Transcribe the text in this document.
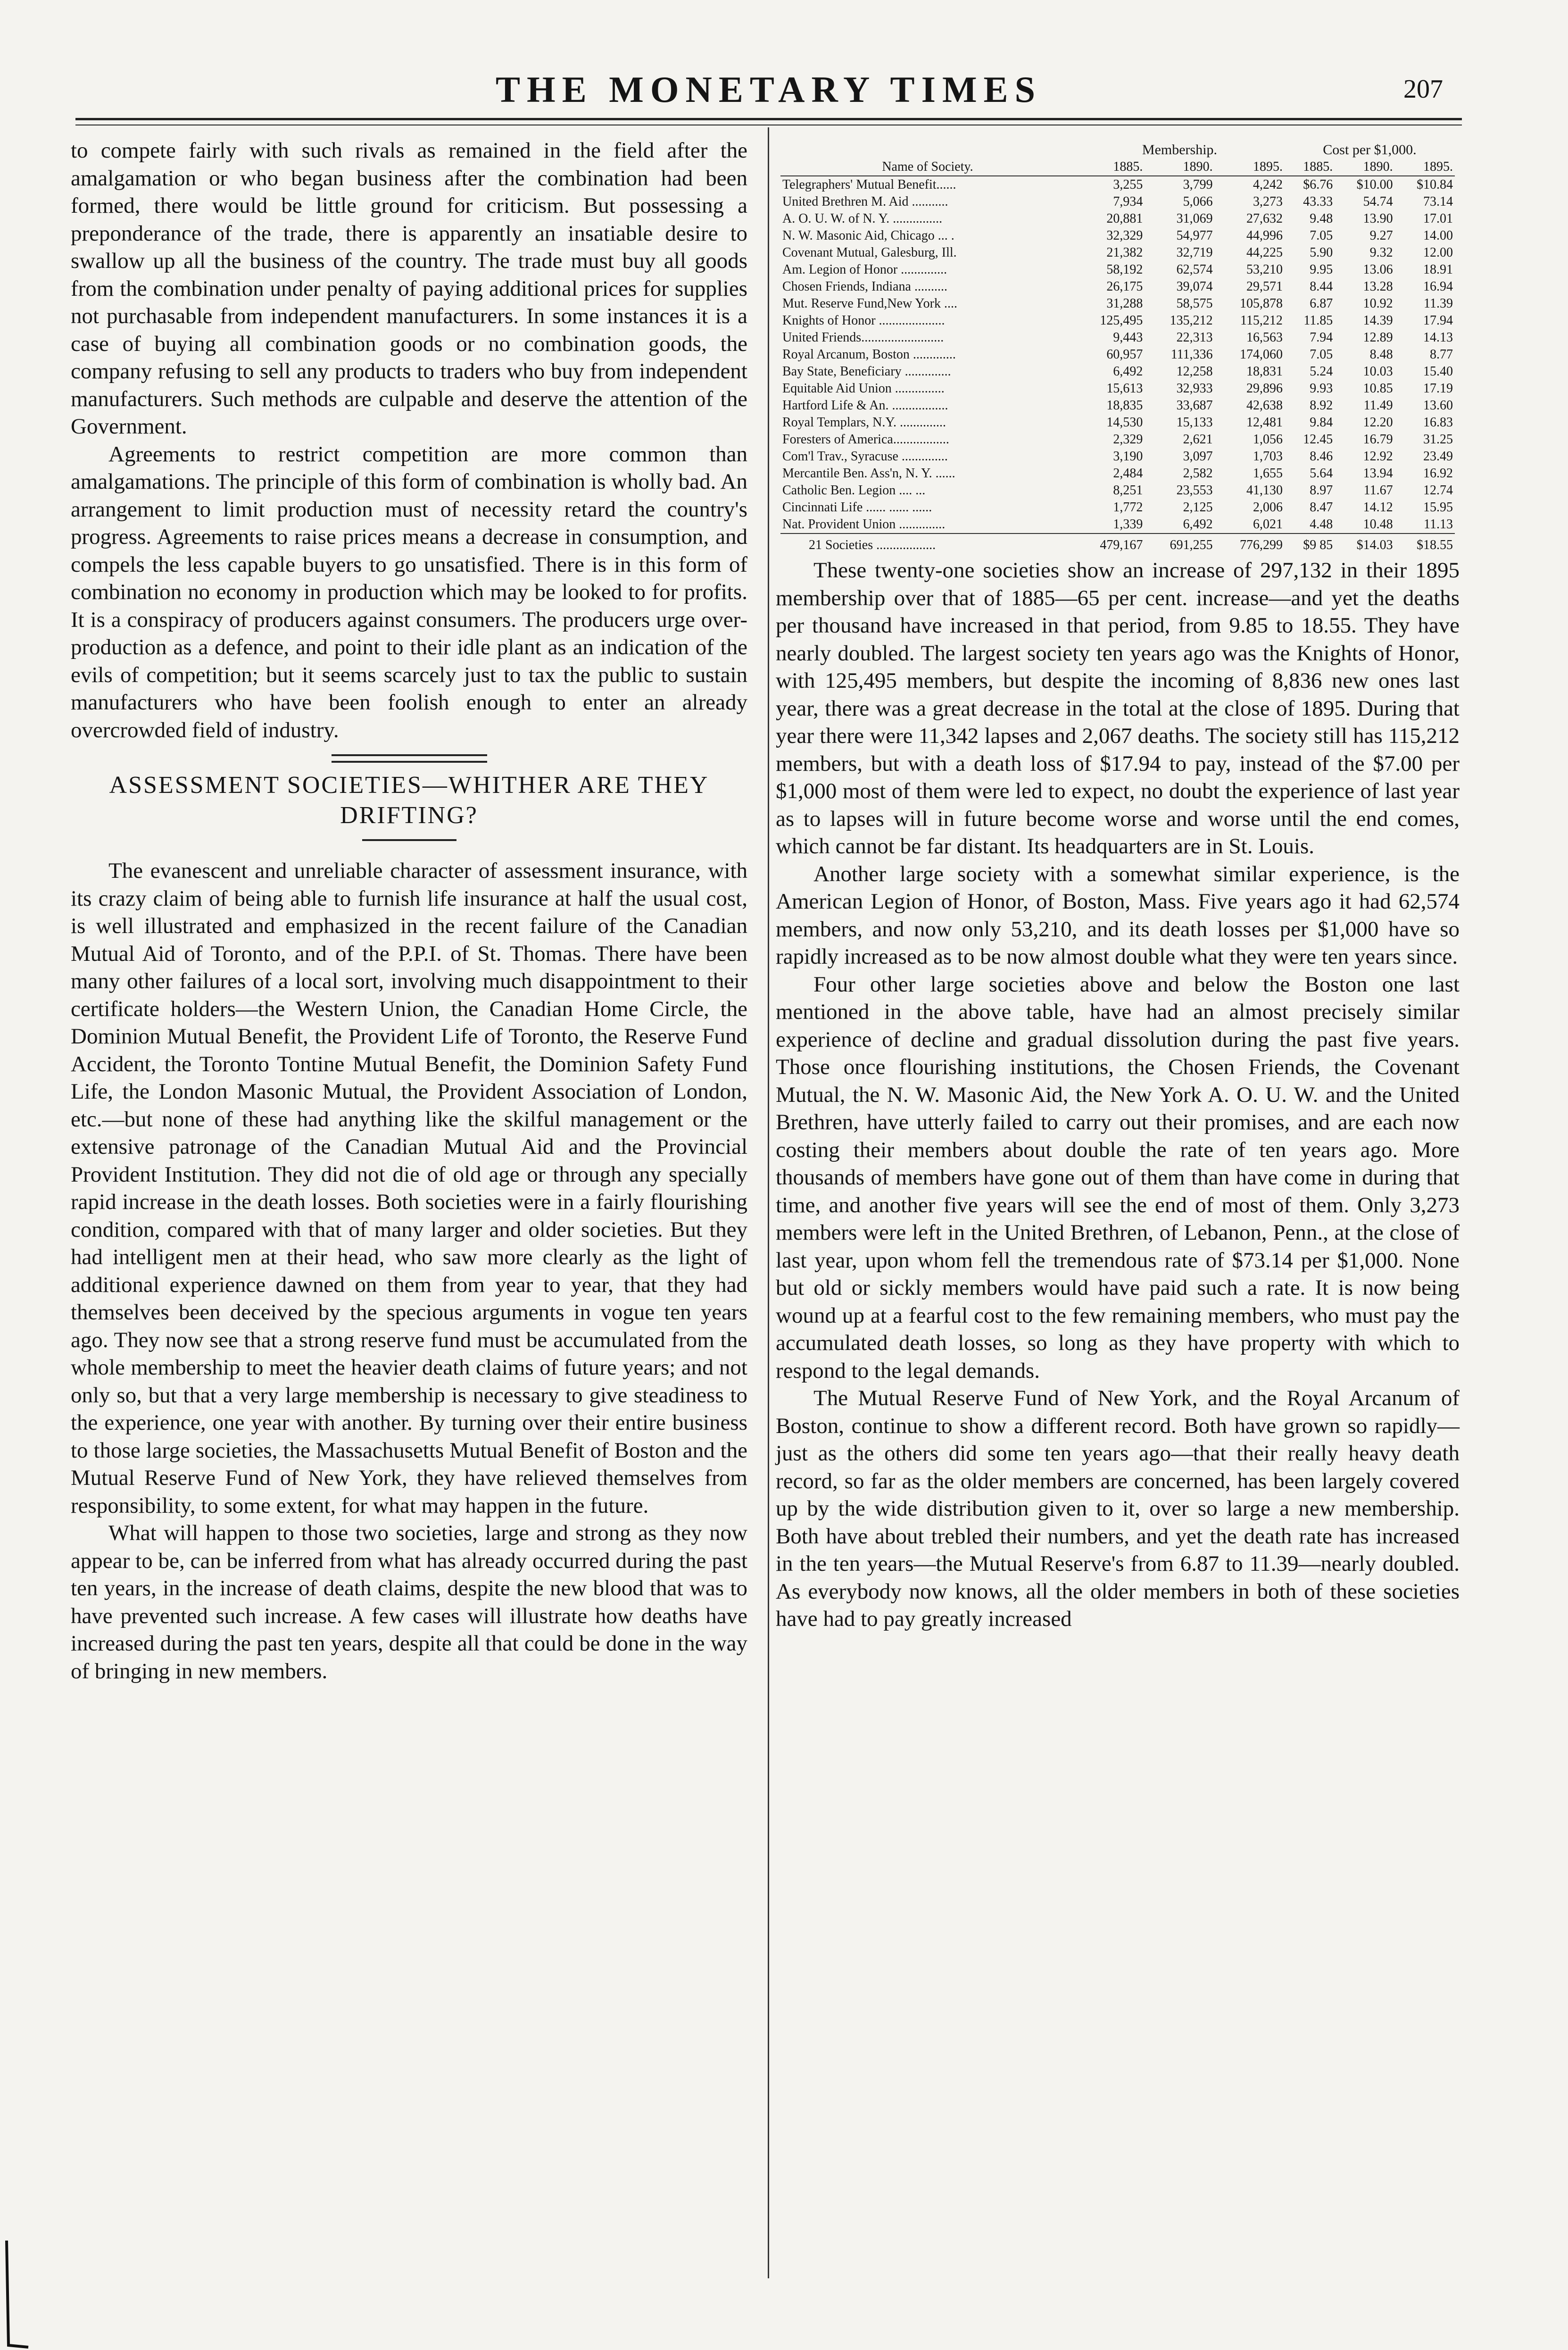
THE MONETARY TIMES	207

to compete fairly with such rivals as remained in the field after the amalgamation or who began business after the combination had been formed, there would be little ground for criticism. But possessing a preponderance of the trade, there is apparently an insatiable desire to swallow up all the business of the country. The trade must buy all goods from the combination under penalty of paying additional prices for supplies not purchasable from independent manufacturers. In some instances it is a case of buying all combination goods or no combination goods, the company refusing to sell any products to traders who buy from independent manufacturers. Such methods are culpable and deserve the attention of the Government.

Agreements to restrict competition are more common than amalgamations. The principle of this form of combination is wholly bad. An arrangement to limit production must of necessity retard the country's progress. Agreements to raise prices means a decrease in consumption, and compels the less capable buyers to go unsatisfied. There is in this form of combination no economy in production which may be looked to for profits. It is a conspiracy of producers against consumers. The producers urge over-production as a defence, and point to their idle plant as an indication of the evils of competition; but it seems scarcely just to tax the public to sustain manufacturers who have been foolish enough to enter an already overcrowded field of industry.

ASSESSMENT SOCIETIES—WHITHER ARE THEY DRIFTING?

The evanescent and unreliable character of assessment insurance, with its crazy claim of being able to furnish life insurance at half the usual cost, is well illustrated and emphasized in the recent failure of the Canadian Mutual Aid of Toronto, and of the P.P.I. of St. Thomas. There have been many other failures of a local sort, involving much disappointment to their certificate holders—the Western Union, the Canadian Home Circle, the Dominion Mutual Benefit, the Provident Life of Toronto, the Reserve Fund Accident, the Toronto Tontine Mutual Benefit, the Dominion Safety Fund Life, the London Masonic Mutual, the Provident Association of London, etc.—but none of these had anything like the skilful management or the extensive patronage of the Canadian Mutual Aid and the Provincial Provident Institution. They did not die of old age or through any specially rapid increase in the death losses. Both societies were in a fairly flourishing condition, compared with that of many larger and older societies. But they had intelligent men at their head, who saw more clearly as the light of additional experience dawned on them from year to year, that they had themselves been deceived by the specious arguments in vogue ten years ago. They now see that a strong reserve fund must be accumulated from the whole membership to meet the heavier death claims of future years; and not only so, but that a very large membership is necessary to give steadiness to the experience, one year with another. By turning over their entire business to those large societies, the Massachusetts Mutual Benefit of Boston and the Mutual Reserve Fund of New York, they have relieved themselves from responsibility, to some extent, for what may happen in the future.

What will happen to those two societies, large and strong as they now appear to be, can be inferred from what has already occurred during the past ten years, in the increase of death claims, despite the new blood that was to have prevented such increase. A few cases will illustrate how deaths have increased during the past ten years, despite all that could be done in the way of bringing in new members.

	Membership.			Cost per $1,000.		
Name of Society.	1885.	1890.	1895.	1885.	1890.	1895.
Telegraphers' Mutual Benefit......	3,255	3,799	4,242	$6.76	$10.00	$10.84
United Brethren M. Aid ...........	7,934	5,066	3,273	43.33	54.74	73.14
A. O. U. W. of N. Y. ...............	20,881	31,069	27,632	9.48	13.90	17.01
N. W. Masonic Aid, Chicago ... .	32,329	54,977	44,996	7.05	9.27	14.00
Covenant Mutual, Galesburg, Ill.	21,382	32,719	44,225	5.90	9.32	12.00
Am. Legion of Honor ..............	58,192	62,574	53,210	9.95	13.06	18.91
Chosen Friends, Indiana ..........	26,175	39,074	29,571	8.44	13.28	16.94
Mut. Reserve Fund,New York ....	31,288	58,575	105,878	6.87	10.92	11.39
Knights of Honor ....................	125,495	135,212	115,212	11.85	14.39	17.94
United Friends.........................	9,443	22,313	16,563	7.94	12.89	14.13
Royal Arcanum, Boston .............	60,957	111,336	174,060	7.05	8.48	8.77
Bay State, Beneficiary ..............	6,492	12,258	18,831	5.24	10.03	15.40
Equitable Aid Union ...............	15,613	32,933	29,896	9.93	10.85	17.19
Hartford Life & An. .................	18,835	33,687	42,638	8.92	11.49	13.60
Royal Templars, N.Y. ..............	14,530	15,133	12,481	9.84	12.20	16.83
Foresters of America.................	2,329	2,621	1,056	12.45	16.79	31.25
Com'l Trav., Syracuse ..............	3,190	3,097	1,703	8.46	12.92	23.49
Mercantile Ben. Ass'n, N. Y. ......	2,484	2,582	1,655	5.64	13.94	16.92
Catholic Ben. Legion .... ...	8,251	23,553	41,130	8.97	11.67	12.74
Cincinnati Life ...... ...... ......	1,772	2,125	2,006	8.47	14.12	15.95
Nat. Provident Union ..............	1,339	6,492	6,021	4.48	10.48	11.13
21 Societies ..................	479,167	691,255	776,299	$9 85	$14.03	$18.55

These twenty-one societies show an increase of 297,132 in their 1895 membership over that of 1885—65 per cent. increase—and yet the deaths per thousand have increased in that period, from 9.85 to 18.55. They have nearly doubled. The largest society ten years ago was the Knights of Honor, with 125,495 members, but despite the incoming of 8,836 new ones last year, there was a great decrease in the total at the close of 1895. During that year there were 11,342 lapses and 2,067 deaths. The society still has 115,212 members, but with a death loss of $17.94 to pay, instead of the $7.00 per $1,000 most of them were led to expect, no doubt the experience of last year as to lapses will in future become worse and worse until the end comes, which cannot be far distant. Its headquarters are in St. Louis.

Another large society with a somewhat similar experience, is the American Legion of Honor, of Boston, Mass. Five years ago it had 62,574 members, and now only 53,210, and its death losses per $1,000 have so rapidly increased as to be now almost double what they were ten years since.

Four other large societies above and below the Boston one last mentioned in the above table, have had an almost precisely similar experience of decline and gradual dissolution during the past five years. Those once flourishing institutions, the Chosen Friends, the Covenant Mutual, the N. W. Masonic Aid, the New York A. O. U. W. and the United Brethren, have utterly failed to carry out their promises, and are each now costing their members about double the rate of ten years ago. More thousands of members have gone out of them than have come in during that time, and another five years will see the end of most of them. Only 3,273 members were left in the United Brethren, of Lebanon, Penn., at the close of last year, upon whom fell the tremendous rate of $73.14 per $1,000. None but old or sickly members would have paid such a rate. It is now being wound up at a fearful cost to the few remaining members, who must pay the accumulated death losses, so long as they have property with which to respond to the legal demands.

The Mutual Reserve Fund of New York, and the Royal Arcanum of Boston, continue to show a different record. Both have grown so rapidly—just as the others did some ten years ago—that their really heavy death record, so far as the older members are concerned, has been largely covered up by the wide distribution given to it, over so large a new membership. Both have about trebled their numbers, and yet the death rate has increased in the ten years—the Mutual Reserve's from 6.87 to 11.39—nearly doubled. As everybody now knows, all the older members in both of these societies have had to pay greatly increased
